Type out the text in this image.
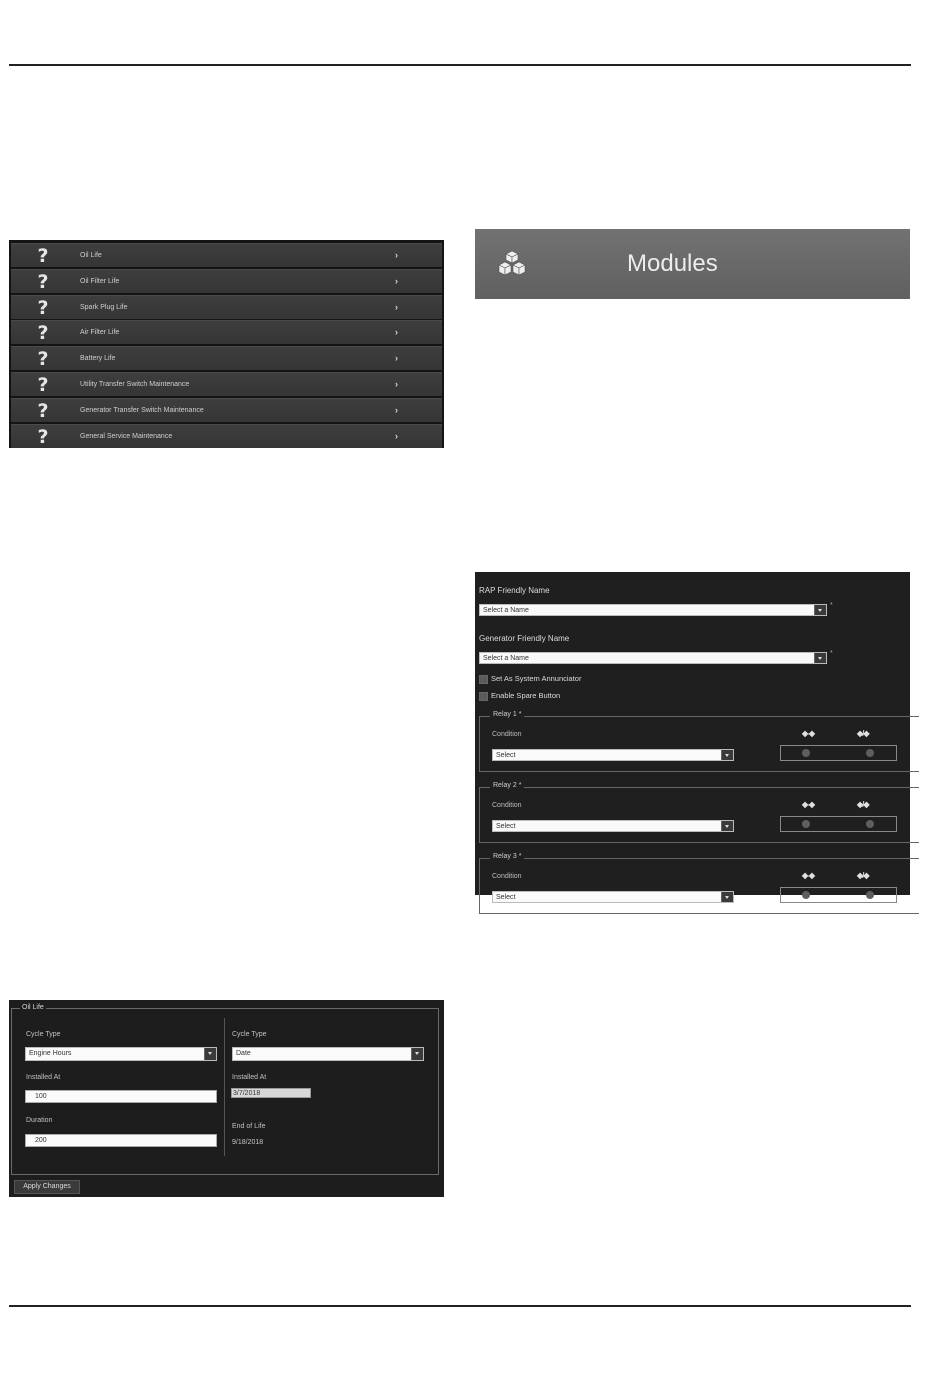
?	Oil Life	›
?	Oil Filter Life	›
?	Spark Plug Life	›
?	Air Filter Life	›
?	Battery Life	›
?	Utility Transfer Switch Maintenance	›
?	Generator Transfer Switch Maintenance	›
?	General Service Maintenance	›
Modules
RAP Friendly Name
Select a Name
*
Generator Friendly Name
Select a Name
*
Set As System Annunciator
Enable Spare Button
Relay 1 *
Condition	◆-◆	◆/◆
Select
Relay 2 *
Condition	◆-◆	◆/◆
Select
Relay 3 *
Condition	◆-◆	◆/◆
Select
Oil Life
Cycle Type
Engine Hours
Installed At
100
Duration
200
Cycle Type
Date
Installed At
3/7/2018
End of Life
9/18/2018
Apply Changes
